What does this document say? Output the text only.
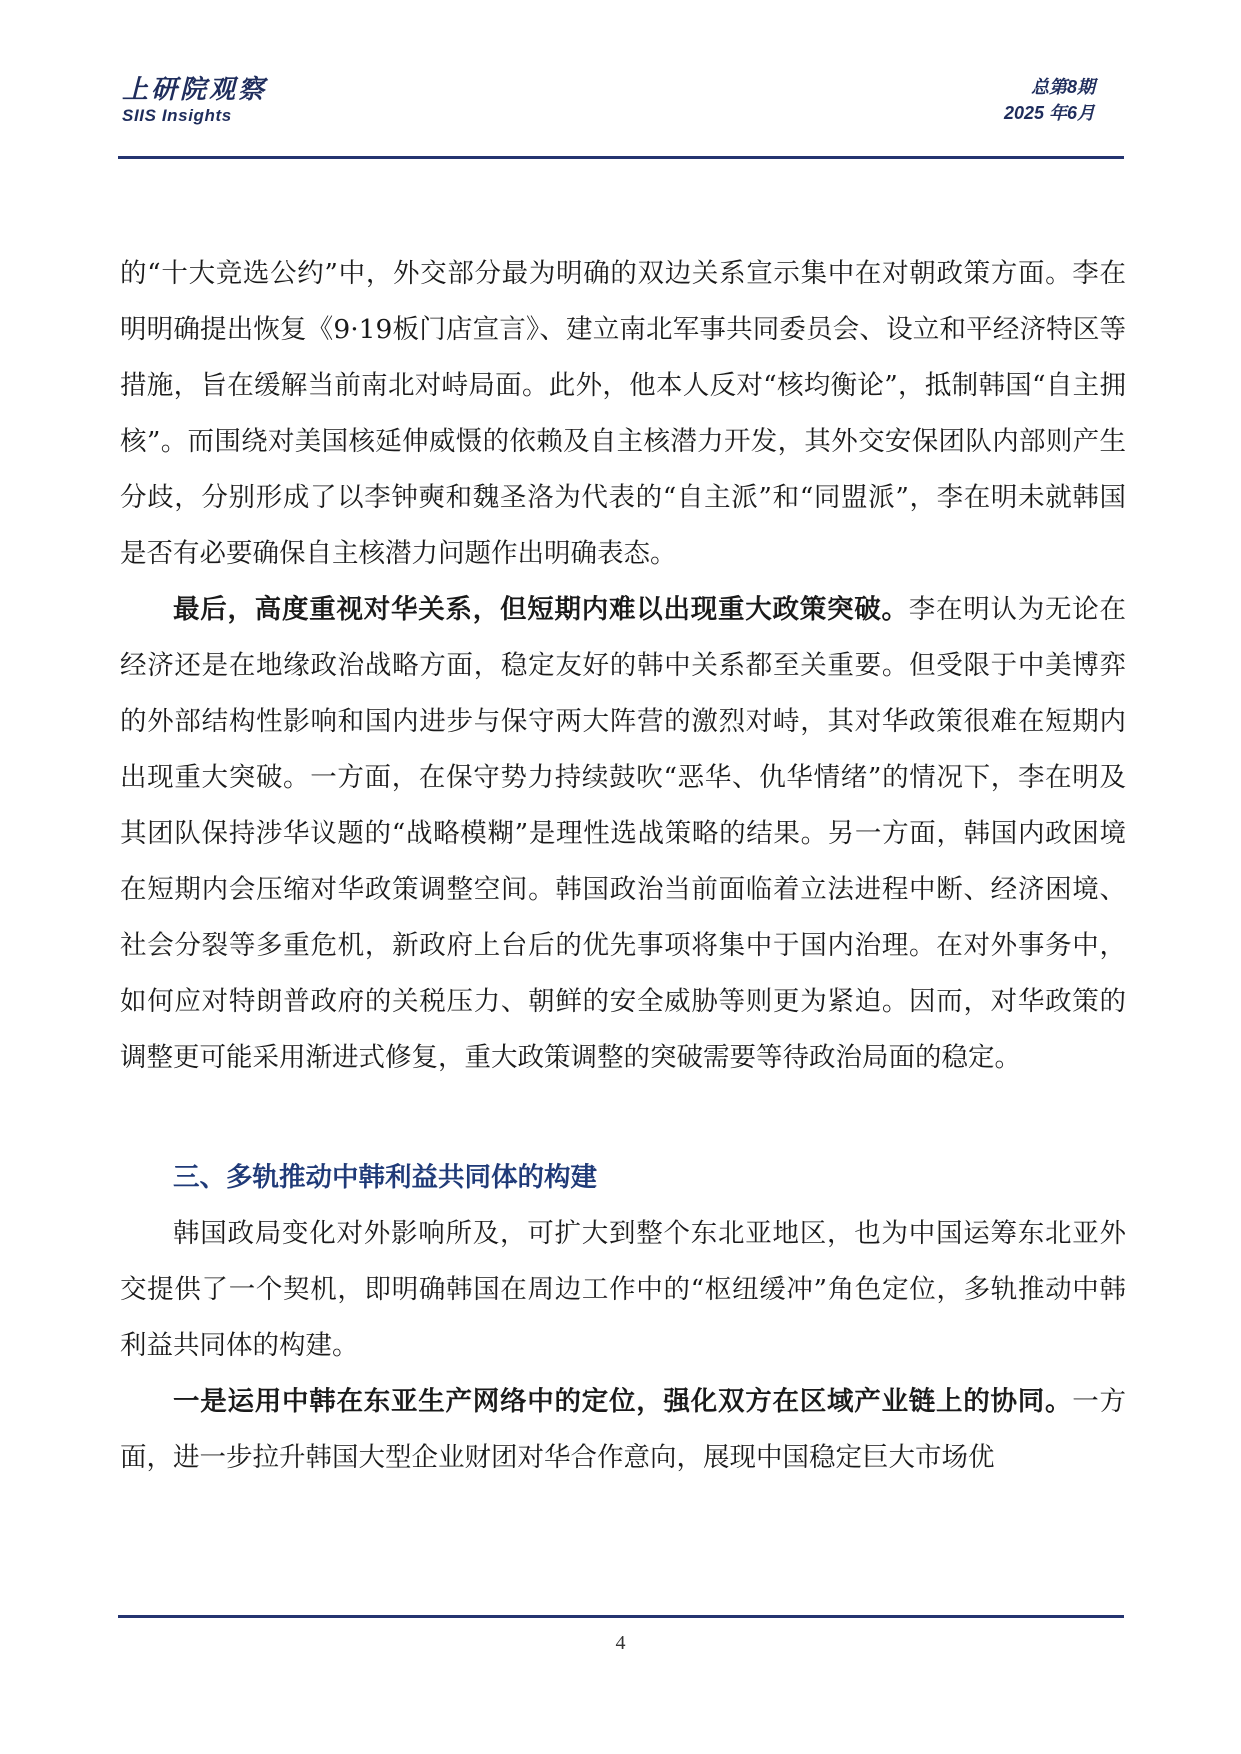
上研院观察
SIIS Insights
总第8期
2025 年6月

的“十大竞选公约”中，外交部分最为明确的双边关系宣示集中在对朝政策方面。李在明明确提出恢复《9·19板门店宣言》、建立南北军事共同委员会、设立和平经济特区等措施，旨在缓解当前南北对峙局面。此外，他本人反对“核均衡论”，抵制韩国“自主拥核”。而围绕对美国核延伸威慑的依赖及自主核潜力开发，其外交安保团队内部则产生分歧，分别形成了以李钟奭和魏圣洛为代表的“自主派”和“同盟派”，李在明未就韩国是否有必要确保自主核潜力问题作出明确表态。

最后，高度重视对华关系，但短期内难以出现重大政策突破。李在明认为无论在经济还是在地缘政治战略方面，稳定友好的韩中关系都至关重要。但受限于中美博弈的外部结构性影响和国内进步与保守两大阵营的激烈对峙，其对华政策很难在短期内出现重大突破。一方面，在保守势力持续鼓吹“恶华、仇华情绪”的情况下，李在明及其团队保持涉华议题的“战略模糊”是理性选战策略的结果。另一方面，韩国内政困境在短期内会压缩对华政策调整空间。韩国政治当前面临着立法进程中断、经济困境、社会分裂等多重危机，新政府上台后的优先事项将集中于国内治理。在对外事务中，如何应对特朗普政府的关税压力、朝鲜的安全威胁等则更为紧迫。因而，对华政策的调整更可能采用渐进式修复，重大政策调整的突破需要等待政治局面的稳定。

三、多轨推动中韩利益共同体的构建

韩国政局变化对外影响所及，可扩大到整个东北亚地区，也为中国运筹东北亚外交提供了一个契机，即明确韩国在周边工作中的“枢纽缓冲”角色定位，多轨推动中韩利益共同体的构建。

一是运用中韩在东亚生产网络中的定位，强化双方在区域产业链上的协同。一方面，进一步拉升韩国大型企业财团对华合作意向，展现中国稳定巨大市场优

4
